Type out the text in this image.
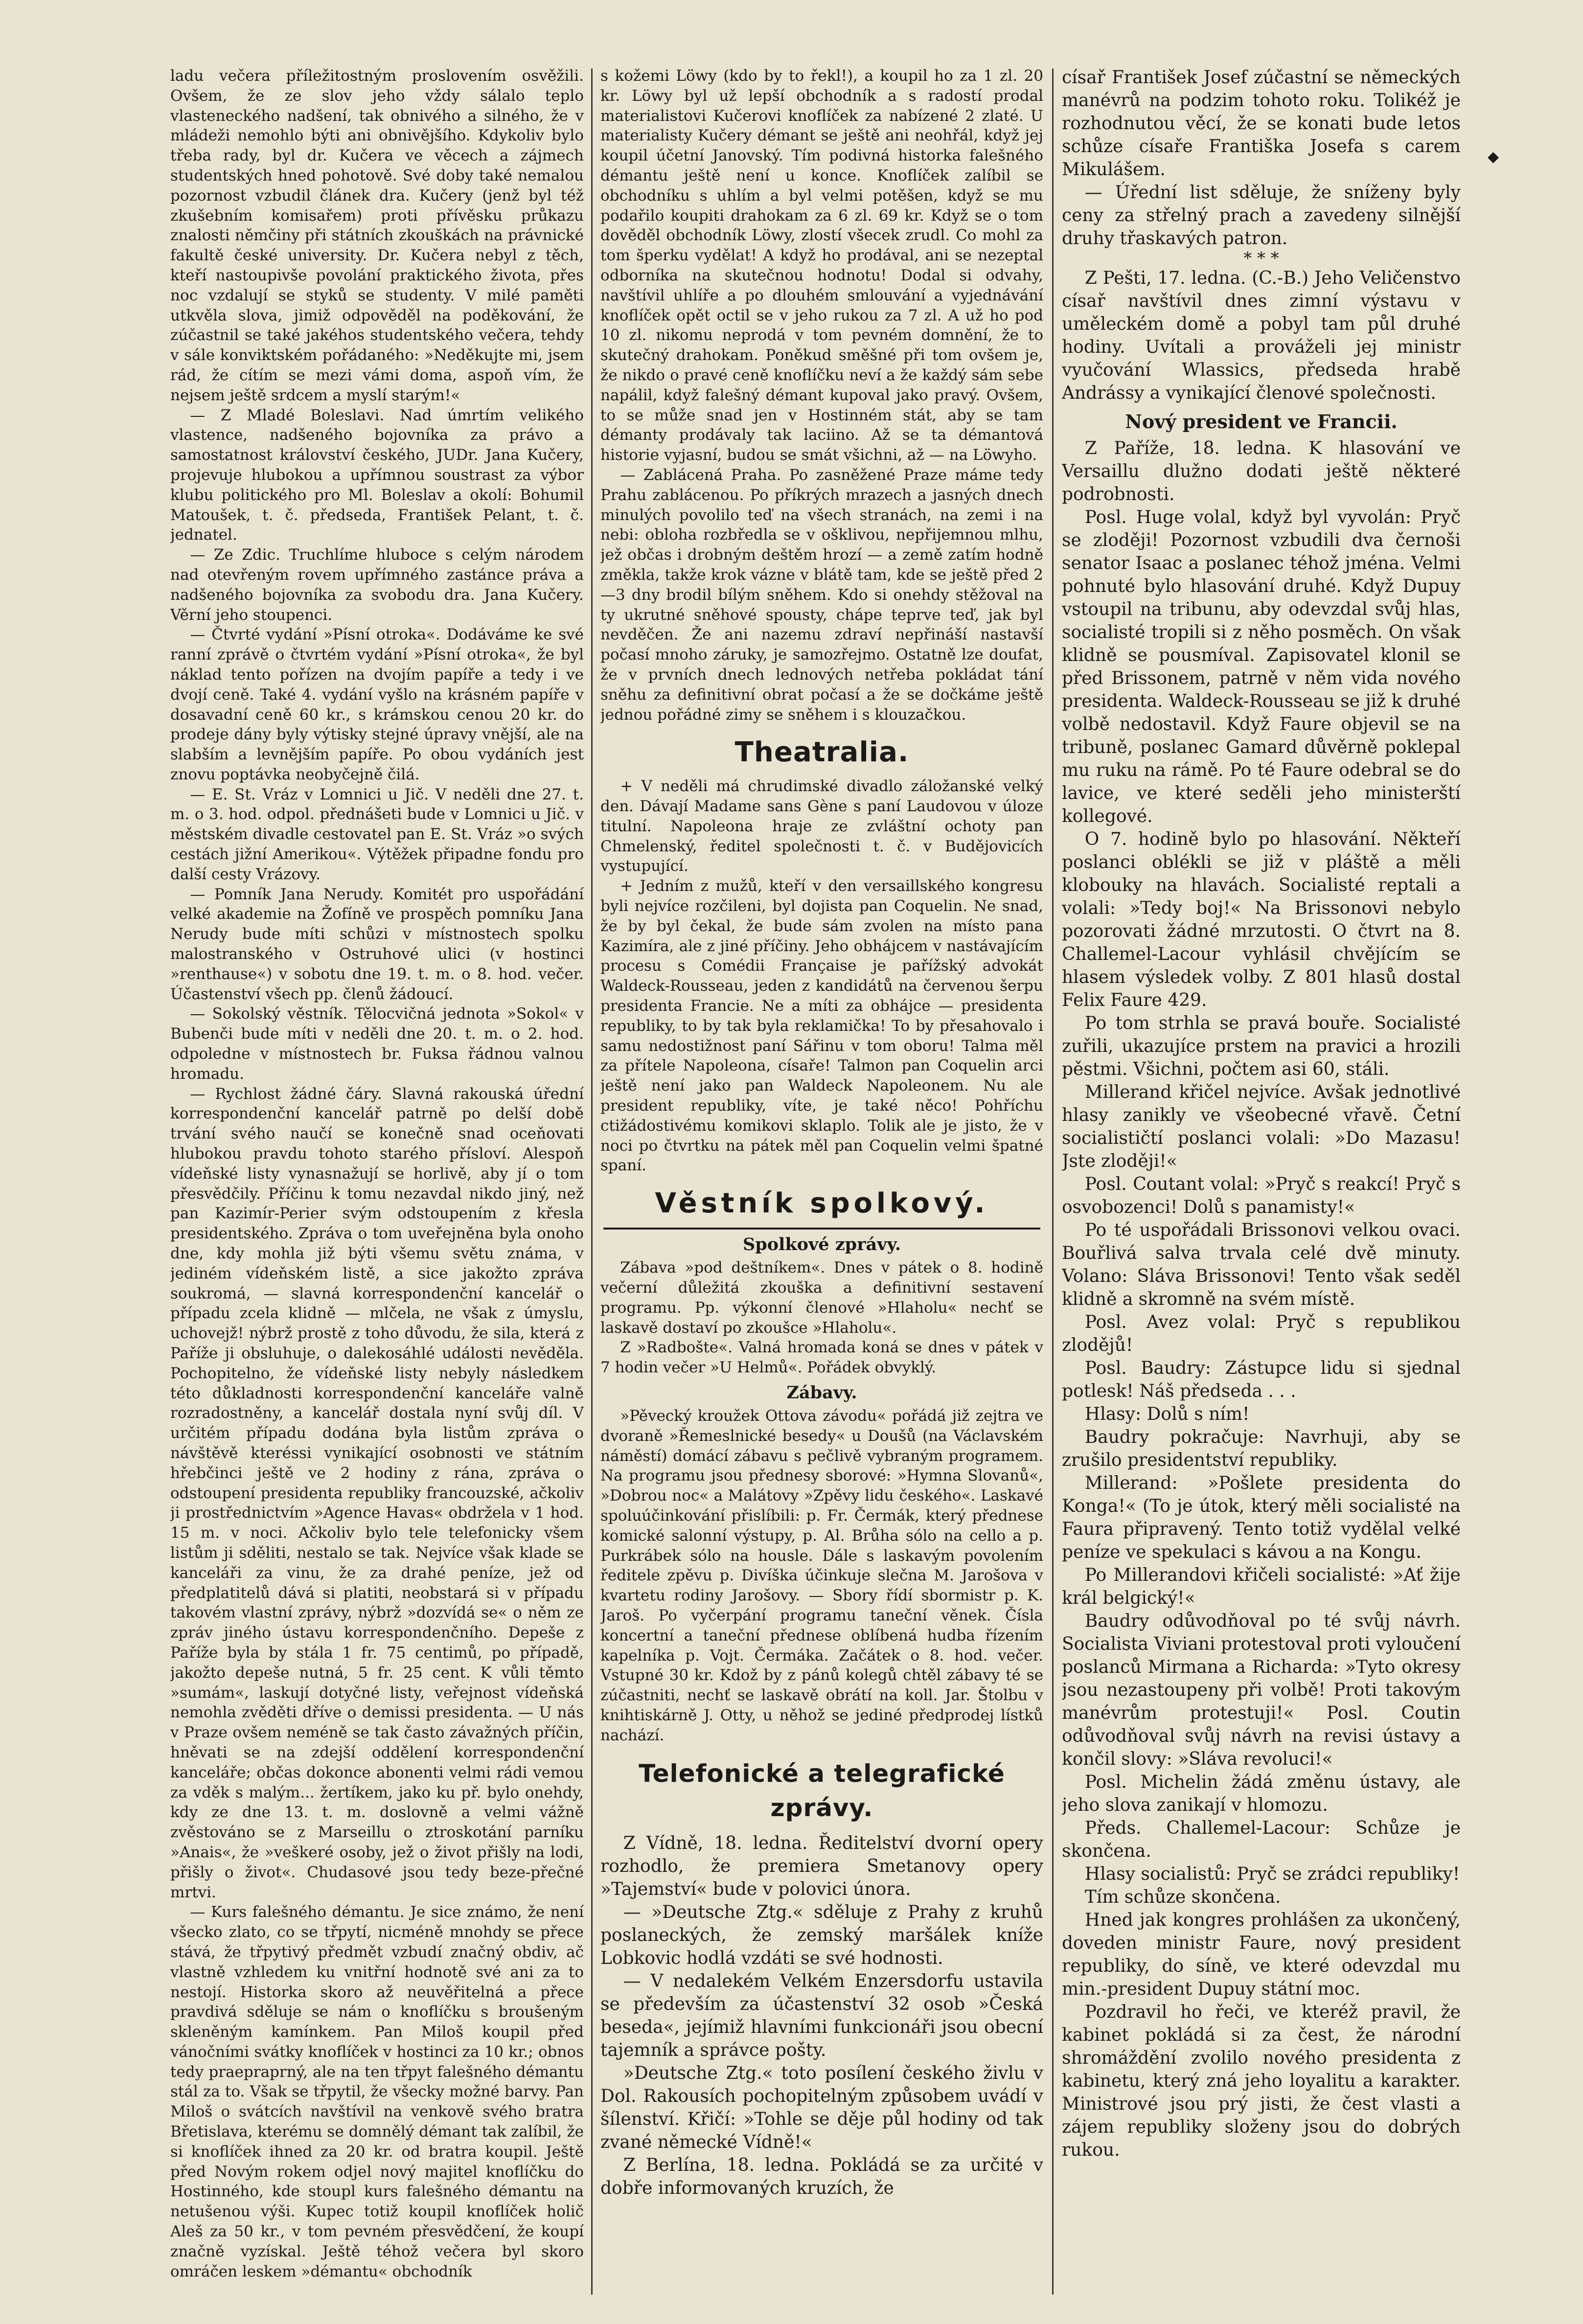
◆

ladu večera příležitostným proslovením osvěžili. Ovšem, že ze slov jeho vždy sálalo teplo vlasteneckého nadšení, tak obnivého a silného, že v mládeži nemohlo býti ani obnivějšího. Kdykoliv bylo třeba rady, byl dr. Kučera ve věcech a zájmech studentských hned pohotově. Své doby také nemalou pozornost vzbudil článek dra. Kučery (jenž byl též zkušebním komisařem) proti přívěsku průkazu znalosti němčiny při státních zkouškách na právnické fakultě české university. Dr. Kučera nebyl z těch, kteří nastoupivše povolání praktického života, přes noc vzdalují se styků se studenty. V milé paměti utkvěla slova, jimiž odpověděl na poděkování, že zúčastnil se také jakéhos studentského večera, tehdy v sále konviktském pořádaného: »Neděkujte mi, jsem rád, že cítím se mezi vámi doma, aspoň vím, že nejsem ještě srdcem a myslí starým!«

— Z Mladé Boleslavi. Nad úmrtím velikého vlastence, nadšeného bojovníka za právo a samostatnost království českého, JUDr. Jana Kučery, projevuje hlubokou a upřímnou soustrast za výbor klubu politického pro Ml. Boleslav a okolí: Bohumil Matoušek, t. č. předseda, František Pelant, t. č. jednatel.

— Ze Zdic. Truchlíme hluboce s celým národem nad otevřeným rovem upřímného zastánce práva a nadšeného bojovníka za svobodu dra. Jana Kučery. Věrní jeho stoupenci.

— Čtvrté vydání »Písní otroka«. Dodáváme ke své ranní zprávě o čtvrtém vydání »Písní otroka«, že byl náklad tento pořízen na dvojím papíře a tedy i ve dvojí ceně. Také 4. vydání vyšlo na krásném papíře v dosavadní ceně 60 kr., s krámskou cenou 20 kr. do prodeje dány byly výtisky stejné úpravy vnější, ale na slabším a levnějším papíře. Po obou vydáních jest znovu poptávka neobyčejně čilá.

— E. St. Vráz v Lomnici u Jič. V neděli dne 27. t. m. o 3. hod. odpol. přednášeti bude v Lomnici u Jič. v městském divadle cestovatel pan E. St. Vráz »o svých cestách jižní Amerikou«. Výtěžek připadne fondu pro další cesty Vrázovy.

— Pomník Jana Nerudy. Komitét pro uspořádání velké akademie na Žofíně ve prospěch pomníku Jana Nerudy bude míti schůzi v místnostech spolku malostranského v Ostruhové ulici (v hostinci »renthause«) v sobotu dne 19. t. m. o 8. hod. večer. Účastenství všech pp. členů žádoucí.

— Sokolský věstník. Tělocvičná jednota »Sokol« v Bubenči bude míti v neděli dne 20. t. m. o 2. hod. odpoledne v místnostech br. Fuksa řádnou valnou hromadu.

— Rychlost žádné čáry. Slavná rakouská úřední korrespondenční kancelář patrně po delší době trvání svého naučí se konečně snad oceňovati hlubokou pravdu tohoto starého přísloví. Alespoň vídeňské listy vynasnažují se horlivě, aby jí o tom přesvědčily. Příčinu k tomu nezavdal nikdo jiný, než pan Kazimír-Perier svým odstoupením z křesla presidentského. Zpráva o tom uveřejněna byla onoho dne, kdy mohla již býti všemu světu známa, v jediném vídeňském listě, a sice jakožto zpráva soukromá, — slavná korrespondenční kancelář o případu zcela klidně — mlčela, ne však z úmyslu, uchovejž! nýbrž prostě z toho důvodu, že sila, která z Paříže ji obsluhuje, o dalekosáhlé události nevěděla. Pochopitelno, že vídeňské listy nebyly následkem této důkladnosti korrespondenční kanceláře valně rozradostněny, a kancelář dostala nyní svůj díl. V určitém případu dodána byla listům zpráva o návštěvě kteréssi vynikající osobnosti ve státním hřebčinci ještě ve 2 hodiny z rána, zpráva o odstoupení presidenta republiky francouzské, ačkoliv ji prostřednictvím »Agence Havas« obdržela v 1 hod. 15 m. v noci. Ačkoliv bylo tele telefonicky všem listům ji sděliti, nestalo se tak. Nejvíce však klade se kanceláři za vinu, že za drahé peníze, jež od předplatitelů dává si platiti, neobstará si v případu takovém vlastní zprávy, nýbrž »dozvídá se« o něm ze zpráv jiného ústavu korrespondenčního. Depeše z Paříže byla by stála 1 fr. 75 centimů, po případě, jakožto depeše nutná, 5 fr. 25 cent. K vůli těmto »sumám«, laskují dotyčné listy, veřejnost vídeňská nemohla zvěděti dříve o demissi presidenta. — U nás v Praze ovšem neméně se tak často závažných příčin, hněvati se na zdejší oddělení korrespondenční kanceláře; občas dokonce abonenti velmi rádi vemou za vděk s malým... žertíkem, jako ku př. bylo onehdy, kdy ze dne 13. t. m. doslovně a velmi vážně zvěstováno se z Marseillu o ztroskotání parníku »Anais«, že »veškeré osoby, jež o život přišly na lodi, přišly o život«. Chudasové jsou tedy beze-přečné mrtvi.

— Kurs falešného démantu. Je sice známo, že není všecko zlato, co se třpytí, nicméně mnohdy se přece stává, že třpytivý předmět vzbudí značný obdiv, ač vlastně vzhledem ku vnitřní hodnotě své ani za to nestojí. Historka skoro až neuvěřitelná a přece pravdivá sděluje se nám o knoflíčku s broušeným skleněným kamínkem. Pan Miloš koupil před vánočními svátky knoflíček v hostinci za 10 kr.; obnos tedy praepraprný, ale na ten třpyt falešného démantu stál za to. Však se třpytil, že všecky možné barvy. Pan Miloš o svátcích navštívil na venkově svého bratra Břetislava, kterému se domnělý démant tak zalíbil, že si knoflíček ihned za 20 kr. od bratra koupil. Ještě před Novým rokem odjel nový majitel knoflíčku do Hostinného, kde stoupl kurs falešného démantu na netušenou výši. Kupec totiž koupil knoflíček holič Aleš za 50 kr., v tom pevném přesvědčení, že koupí značně vyzískal. Ještě téhož večera byl skoro omráčen leskem »démantu« obchodník

s kožemi Löwy (kdo by to řekl!), a koupil ho za 1 zl. 20 kr. Löwy byl už lepší obchodník a s radostí prodal materialistovi Kučerovi knoflíček za nabízené 2 zlaté. U materialisty Kučery démant se ještě ani neohřál, když jej koupil účetní Janovský. Tím podivná historka falešného démantu ještě není u konce. Knoflíček zalíbil se obchodníku s uhlím a byl velmi potěšen, když se mu podařilo koupiti drahokam za 6 zl. 69 kr. Když se o tom dověděl obchodník Löwy, zlostí všecek zrudl. Co mohl za tom šperku vydělat! A když ho prodával, ani se nezeptal odborníka na skutečnou hodnotu! Dodal si odvahy, navštívil uhlíře a po dlouhém smlouvání a vyjednávání knoflíček opět octil se v jeho rukou za 7 zl. A už ho pod 10 zl. nikomu neprodá v tom pevném domnění, že to skutečný drahokam. Poněkud směšné při tom ovšem je, že nikdo o pravé ceně knoflíčku neví a že každý sám sebe napálil, když falešný démant kupoval jako pravý. Ovšem, to se může snad jen v Hostinném stát, aby se tam démanty prodávaly tak laciino. Až se ta démantová historie vyjasní, budou se smát všichni, až — na Löwyho.

— Zablácená Praha. Po zasněžené Praze máme tedy Prahu zablácenou. Po příkrých mrazech a jasných dnech minulých povolilo teď na všech stranách, na zemi i na nebi: obloha rozbředla se v ošklivou, nepřijemnou mlhu, jež občas i drobným deštěm hrozí — a země zatím hodně změkla, takže krok vázne v blátě tam, kde se ještě před 2—3 dny brodil bílým sněhem. Kdo si onehdy stěžoval na ty ukrutné sněhové spousty, chápe teprve teď, jak byl nevděčen. Že ani nazemu zdraví nepřináší nastavší počasí mnoho záruky, je samozřejmo. Ostatně lze doufat, že v prvních dnech lednových netřeba pokládat tání sněhu za definitivní obrat počasí a že se dočkáme ještě jednou pořádné zimy se sněhem i s klouzačkou.

Theatralia.

+ V neděli má chrudimské divadlo záložanské velký den. Dávají Madame sans Gène s paní Laudovou v úloze titulní. Napoleona hraje ze zvláštní ochoty pan Chmelenský, ředitel společnosti t. č. v Budějovicích vystupující.

+ Jedním z mužů, kteří v den versaillského kongresu byli nejvíce rozčileni, byl dojista pan Coquelin. Ne snad, že by byl čekal, že bude sám zvolen na místo pana Kazimíra, ale z jiné příčiny. Jeho obhájcem v nastávajícím procesu s Comédii Française je pařížský advokát Waldeck-Rousseau, jeden z kandidátů na červenou šerpu presidenta Francie. Ne a míti za obhájce — presidenta republiky, to by tak byla reklamička! To by přesahovalo i samu nedostižnost paní Sářinu v tom oboru! Talma měl za přítele Napoleona, císaře! Talmon pan Coquelin arci ještě není jako pan Waldeck Napoleonem. Nu ale president republiky, víte, je také něco! Pohříchu ctižádostivému komikovi sklaplo. Tolik ale je jisto, že v noci po čtvrtku na pátek měl pan Coquelin velmi špatné spaní.

Věstník spolkový.
Spolkové zprávy.

Zábava »pod deštníkem«. Dnes v pátek o 8. hodině večerní důležitá zkouška a definitivní sestavení programu. Pp. výkonní členové »Hlaholu« nechť se laskavě dostaví po zkoušce »Hlaholu«.

Z »Radbošte«. Valná hromada koná se dnes v pátek v 7 hodin večer »U Helmů«. Pořádek obvyklý.

Zábavy.

»Pěvecký kroužek Ottova závodu« pořádá již zejtra ve dvoraně »Řemeslnické besedy« u Doušů (na Václavském náměstí) domácí zábavu s pečlivě vybraným programem. Na programu jsou přednesy sborové: »Hymna Slovanů«, »Dobrou noc« a Malátovy »Zpěvy lidu českého«. Laskavé spoluúčinkování přislíbili: p. Fr. Čermák, který přednese komické salonní výstupy, p. Al. Brůha sólo na cello a p. Purkrábek sólo na housle. Dále s laskavým povolením ředitele zpěvu p. Divíška účinkuje slečna M. Jarošova v kvartetu rodiny Jarošovy. — Sbory řídí sbormistr p. K. Jaroš. Po vyčerpání programu taneční věnek. Čísla koncertní a taneční přednese oblíbená hudba řízením kapelníka p. Vojt. Čermáka. Začátek o 8. hod. večer. Vstupné 30 kr. Kdož by z pánů kolegů chtěl zábavy té se zúčastniti, nechť se laskavě obrátí na koll. Jar. Štolbu v knihtiskárně J. Otty, u něhož se jediné předprodej lístků nachází.

Telefonické a telegrafické zprávy.

Z Vídně, 18. ledna. Ředitelství dvorní opery rozhodlo, že premiera Smetanovy opery »Tajemství« bude v polovici února.

— »Deutsche Ztg.« sděluje z Prahy z kruhů poslaneckých, že zemský maršálek kníže Lobkovic hodlá vzdáti se své hodnosti.

— V nedalekém Velkém Enzersdorfu ustavila se především za účastenství 32 osob »Česká beseda«, jejímiž hlavními funkcionáři jsou obecní tajemník a správce pošty.

»Deutsche Ztg.« toto posílení českého živlu v Dol. Rakousích pochopitelným způsobem uvádí v šílenství. Křičí: »Tohle se děje půl hodiny od tak zvané německé Vídně!«

Z Berlína, 18. ledna. Pokládá se za určité v dobře informovaných kruzích, že

císař František Josef zúčastní se německých manévrů na podzim tohoto roku. Tolikéž je rozhodnutou věcí, že se konati bude letos schůze císaře Františka Josefa s carem Mikulášem.

— Úřední list sděluje, že sníženy byly ceny za střelný prach a zavedeny silnější druhy třaskavých patron.

* * *

Z Pešti, 17. ledna. (C.-B.) Jeho Veličenstvo císař navštívil dnes zimní výstavu v uměleckém domě a pobyl tam půl druhé hodiny. Uvítali a prováželi jej ministr vyučování Wlassics, předseda hrabě Andrássy a vynikající členové společnosti.

Nový president ve Francii.

Z Paříže, 18. ledna. K hlasování ve Versaillu dlužno dodati ještě některé podrobnosti.

Posl. Huge volal, když byl vyvolán: Pryč se zloději! Pozornost vzbudili dva černoši senator Isaac a poslanec téhož jména. Velmi pohnuté bylo hlasování druhé. Když Dupuy vstoupil na tribunu, aby odevzdal svůj hlas, socialisté tropili si z něho posměch. On však klidně se pousmíval. Zapisovatel klonil se před Brissonem, patrně v něm vida nového presidenta. Waldeck-Rousseau se již k druhé volbě nedostavil. Když Faure objevil se na tribuně, poslanec Gamard důvěrně poklepal mu ruku na rámě. Po té Faure odebral se do lavice, ve které seděli jeho ministerští kollegové.

O 7. hodině bylo po hlasování. Někteří poslanci oblékli se již v pláště a měli klobouky na hlavách. Socialisté reptali a volali: »Tedy boj!« Na Brissonovi nebylo pozorovati žádné mrzutosti. O čtvrt na 8. Challemel-Lacour vyhlásil chvějícím se hlasem výsledek volby. Z 801 hlasů dostal Felix Faure 429.

Po tom strhla se pravá bouře. Socialisté zuřili, ukazujíce prstem na pravici a hrozili pěstmi. Všichni, počtem asi 60, stáli.

Millerand křičel nejvíce. Avšak jednotlivé hlasy zanikly ve všeobecné vřavě. Četní socialističtí poslanci volali: »Do Mazasu! Jste zloději!«

Posl. Coutant volal: »Pryč s reakcí! Pryč s osvobozenci! Dolů s panamisty!«

Po té uspořádali Brissonovi velkou ovaci. Bouřlivá salva trvala celé dvě minuty. Volano: Sláva Brissonovi! Tento však seděl klidně a skromně na svém místě.

Posl. Avez volal: Pryč s republikou zlodějů!

Posl. Baudry: Zástupce lidu si sjednal potlesk! Náš předseda . . .

Hlasy: Dolů s ním!

Baudry pokračuje: Navrhuji, aby se zrušilo presidentství republiky.

Millerand: »Pošlete presidenta do Konga!« (To je útok, který měli socialisté na Faura připravený. Tento totiž vydělal velké peníze ve spekulaci s kávou a na Kongu.

Po Millerandovi křičeli socialisté: »Ať žije král belgický!«

Baudry odůvodňoval po té svůj návrh. Socialista Viviani protestoval proti vyloučení poslanců Mirmana a Richarda: »Tyto okresy jsou nezastoupeny při volbě! Proti takovým manévrům protestuji!« Posl. Coutin odůvodňoval svůj návrh na revisi ústavy a končil slovy: »Sláva revoluci!«

Posl. Michelin žádá změnu ústavy, ale jeho slova zanikají v hlomozu.

Předs. Challemel-Lacour: Schůze je skončena.

Hlasy socialistů: Pryč se zrádci republiky!

Tím schůze skončena.

Hned jak kongres prohlášen za ukončený, doveden ministr Faure, nový president republiky, do síně, ve které odevzdal mu min.-president Dupuy státní moc.

Pozdravil ho řeči, ve kteréž pravil, že kabinet pokládá si za čest, že národní shromáždění zvolilo nového presidenta z kabinetu, který zná jeho loyalitu a karakter. Ministrové jsou prý jisti, že čest vlasti a zájem republiky složeny jsou do dobrých rukou.
